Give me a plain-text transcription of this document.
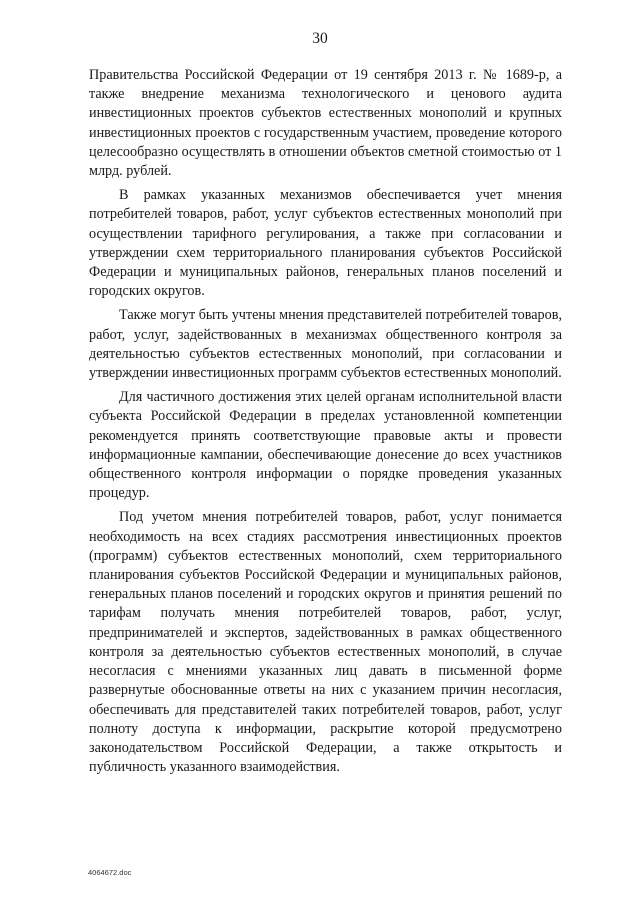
30

Правительства Российской Федерации от 19 сентября 2013 г. № 1689-р, а также внедрение механизма технологического и ценового аудита инвестиционных проектов субъектов естественных монополий и крупных инвестиционных проектов с государственным участием, проведение которого целесообразно осуществлять в отношении объектов сметной стоимостью от 1 млрд. рублей.

В рамках указанных механизмов обеспечивается учет мнения потребителей товаров, работ, услуг субъектов естественных монополий при осуществлении тарифного регулирования, а также при согласовании и утверждении схем территориального планирования субъектов Российской Федерации и муниципальных районов, генеральных планов поселений и городских округов.

Также могут быть учтены мнения представителей потребителей товаров, работ, услуг, задействованных в механизмах общественного контроля за деятельностью субъектов естественных монополий, при согласовании и утверждении инвестиционных программ субъектов естественных монополий.

Для частичного достижения этих целей органам исполнительной власти субъекта Российской Федерации в пределах установленной компетенции рекомендуется принять соответствующие правовые акты и провести информационные кампании, обеспечивающие донесение до всех участников общественного контроля информации о порядке проведения указанных процедур.

Под учетом мнения потребителей товаров, работ, услуг понимается необходимость на всех стадиях рассмотрения инвестиционных проектов (программ) субъектов естественных монополий, схем территориального планирования субъектов Российской Федерации и муниципальных районов, генеральных планов поселений и городских округов и принятия решений по тарифам получать мнения потребителей товаров, работ, услуг, предпринимателей и экспертов, задействованных в рамках общественного контроля за деятельностью субъектов естественных монополий, в случае несогласия с мнениями указанных лиц давать в письменной форме развернутые обоснованные ответы на них с указанием причин несогласия, обеспечивать для представителей таких потребителей товаров, работ, услуг полноту доступа к информации, раскрытие которой предусмотрено законодательством Российской Федерации, а также открытость и публичность указанного взаимодействия.

4064672.doc
